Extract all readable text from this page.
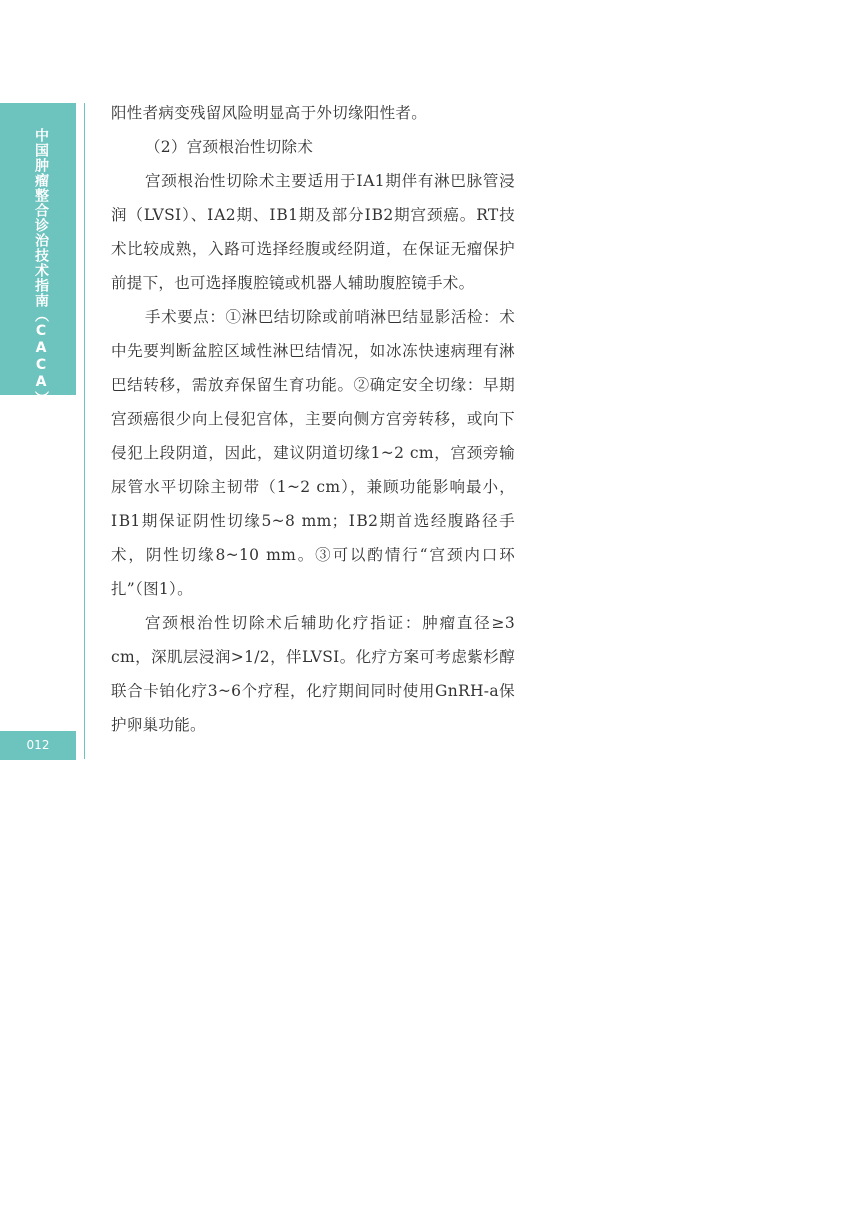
中国肿瘤整合诊治技术指南（CACA）
012

阳性者病变残留风险明显高于外切缘阳性者。

（2）宫颈根治性切除术

宫颈根治性切除术主要适用于ⅠA1期伴有淋巴脉管浸润（LVSI）、ⅠA2期、ⅠB1期及部分ⅠB2期宫颈癌。RT技术比较成熟，入路可选择经腹或经阴道，在保证无瘤保护前提下，也可选择腹腔镜或机器人辅助腹腔镜手术。

手术要点：①淋巴结切除或前哨淋巴结显影活检：术中先要判断盆腔区域性淋巴结情况，如冰冻快速病理有淋巴结转移，需放弃保留生育功能。②确定安全切缘：早期宫颈癌很少向上侵犯宫体，主要向侧方宫旁转移，或向下侵犯上段阴道，因此，建议阴道切缘1~2 cm，宫颈旁输尿管水平切除主韧带（1~2 cm），兼顾功能影响最小，ⅠB1期保证阴性切缘5~8 mm；ⅠB2期首选经腹路径手术，阴性切缘8~10 mm。③可以酌情行“宫颈内口环扎”（图1）。

宫颈根治性切除术后辅助化疗指证：肿瘤直径≥3 cm，深肌层浸润>1/2，伴LVSI。化疗方案可考虑紫杉醇联合卡铂化疗3~6个疗程，化疗期间同时使用GnRH-a保护卵巢功能。
